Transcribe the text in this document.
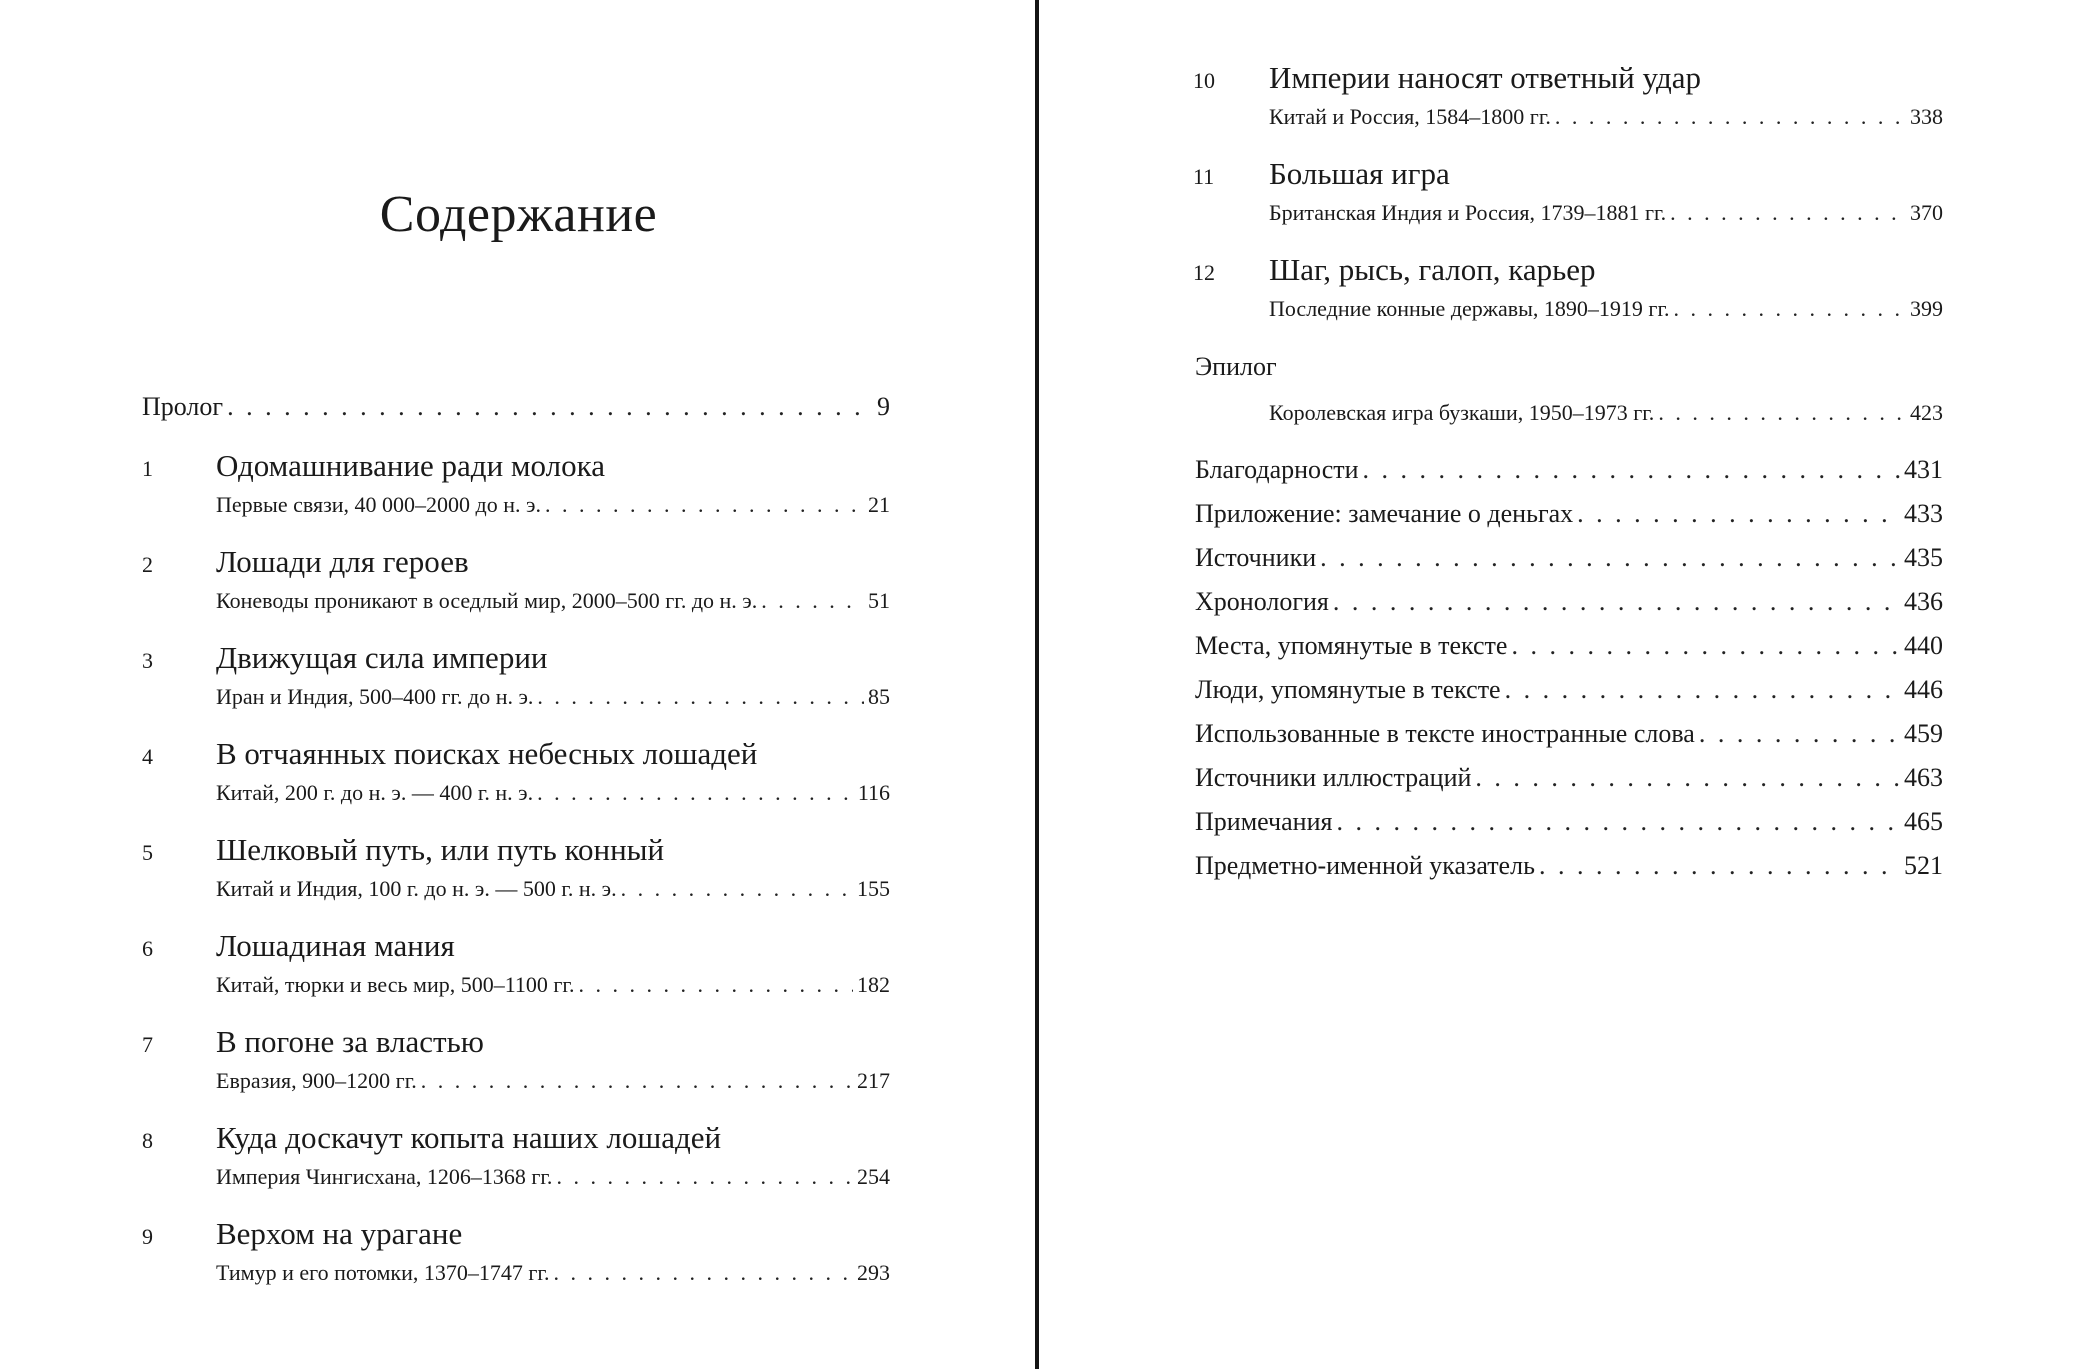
Содержание
Пролог . . .	9
1 Одомашнивание ради молока
Первые связи, 40 000–2000 до н. э. . . .	21
2 Лошади для героев
Коневоды проникают в оседлый мир, 2000–500 гг. до н. э. . . .	51
3 Движущая сила империи
Иран и Индия, 500–400 гг. до н. э. . . .	85
4 В отчаянных поисках небесных лошадей
Китай, 200 г. до н. э. — 400 г. н. э. . . .	116
5 Шелковый путь, или путь конный
Китай и Индия, 100 г. до н. э. — 500 г. н. э. . . .	155
6 Лошадиная мания
Китай, тюрки и весь мир, 500–1100 гг. . . .	182
7 В погоне за властью
Евразия, 900–1200 гг. . . .	217
8 Куда доскачут копыта наших лошадей
Империя Чингисхана, 1206–1368 гг. . . .	254
9 Верхом на урагане
Тимур и его потомки, 1370–1747 гг. . . .	293
10 Империи наносят ответный удар
Китай и Россия, 1584–1800 гг. . . .	338
11 Большая игра
Британская Индия и Россия, 1739–1881 гг. . . .	370
12 Шаг, рысь, галоп, карьер
Последние конные державы, 1890–1919 гг. . . .	399
Эпилог
Королевская игра бузкаши, 1950–1973 гг. . . .	423
Благодарности . . .	431
Приложение: замечание о деньгах . . .	433
Источники . . .	435
Хронология . . .	436
Места, упомянутые в тексте . . .	440
Люди, упомянутые в тексте . . .	446
Использованные в тексте иностранные слова . . .	459
Источники иллюстраций . . .	463
Примечания . . .	465
Предметно-именной указатель . . .	521
